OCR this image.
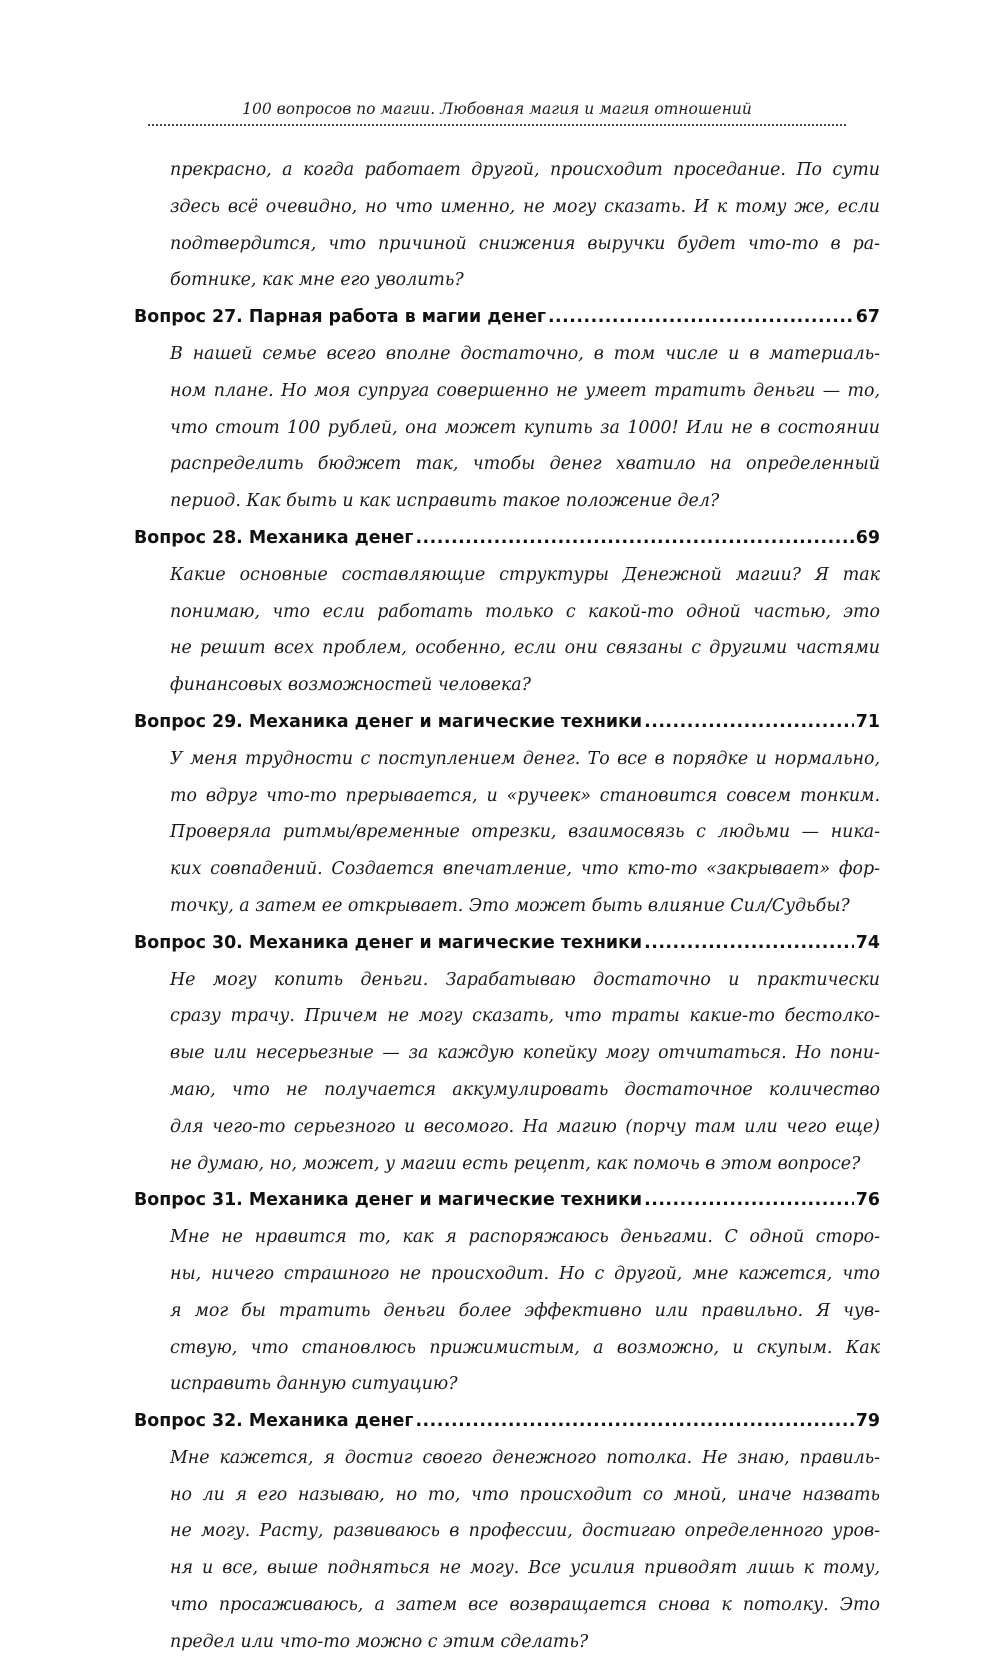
100 вопросов по магии. Любовная магия и магия отношений
прекрасно, а когда работает другой, происходит проседание. По сути
здесь всё очевидно, но что именно, не могу сказать. И к тому же, если
подтвердится, что причиной снижения выручки будет что-то в ра-
ботнике, как мне его уволить?
Вопрос 27. Парная работа в магии денег .....	67
В нашей семье всего вполне достаточно, в том числе и в материаль-
ном плане. Но моя супруга совершенно не умеет тратить деньги — то,
что стоит 100 рублей, она может купить за 1000! Или не в состоянии
распределить бюджет так, чтобы денег хватило на определенный
период. Как быть и как исправить такое положение дел?
Вопрос 28. Механика денег .....	69
Какие основные составляющие структуры Денежной магии? Я так
понимаю, что если работать только с какой-то одной частью, это
не решит всех проблем, особенно, если они связаны с другими частями
финансовых возможностей человека?
Вопрос 29. Механика денег и магические техники .....	71
У меня трудности с поступлением денег. То все в порядке и нормально,
то вдруг что-то прерывается, и «ручеек» становится совсем тонким.
Проверяла ритмы/временные отрезки, взаимосвязь с людьми — ника-
ких совпадений. Создается впечатление, что кто-то «закрывает» фор-
точку, а затем ее открывает. Это может быть влияние Сил/Судьбы?
Вопрос 30. Механика денег и магические техники .....	74
Не могу копить деньги. Зарабатываю достаточно и практически
сразу трачу. Причем не могу сказать, что траты какие-то бестолко-
вые или несерьезные — за каждую копейку могу отчитаться. Но пони-
маю, что не получается аккумулировать достаточное количество
для чего-то серьезного и весомого. На магию (порчу там или чего еще)
не думаю, но, может, у магии есть рецепт, как помочь в этом вопросе?
Вопрос 31. Механика денег и магические техники .....	76
Мне не нравится то, как я распоряжаюсь деньгами. С одной сторо-
ны, ничего страшного не происходит. Но с другой, мне кажется, что
я мог бы тратить деньги более эффективно или правильно. Я чув-
ствую, что становлюсь прижимистым, а возможно, и скупым. Как
исправить данную ситуацию?
Вопрос 32. Механика денег .....	79
Мне кажется, я достиг своего денежного потолка. Не знаю, правиль-
но ли я его называю, но то, что происходит со мной, иначе назвать
не могу. Расту, развиваюсь в профессии, достигаю определенного уров-
ня и все, выше подняться не могу. Все усилия приводят лишь к тому,
что просаживаюсь, а затем все возвращается снова к потолку. Это
предел или что-то можно с этим сделать?
